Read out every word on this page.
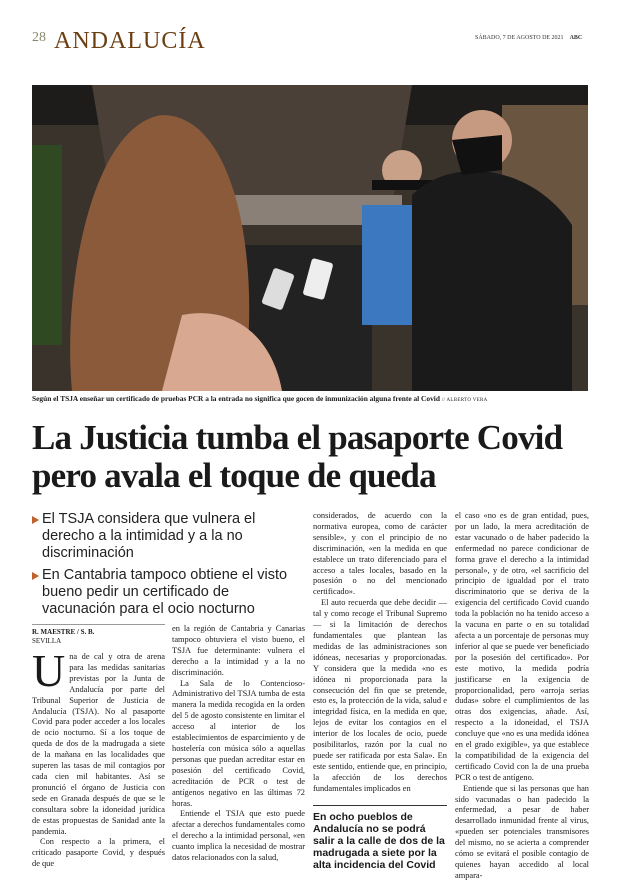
28 ANDALUCÍA	SÁBADO, 7 DE AGOSTO DE 2021 ABC
Según el TSJA enseñar un certificado de pruebas PCR a la entrada no significa que gocen de inmunización alguna frente al Covid // ALBERTO VERA
La Justicia tumba el pasaporte Covid pero avala el toque de queda
El TSJA considera que vulnera el derecho a la intimidad y a la no discriminación
En Cantabria tampoco obtiene el visto bueno pedir un certificado de vacunación para el ocio nocturno
R. MAESTRE / S. B.
SEVILLA

Una de cal y otra de arena para las medidas sanitarias previstas por la Junta de Andalucía por parte del Tribunal Superior de Justicia de Andalucía (TSJA). No al pasaporte Covid para poder acceder a los locales de ocio nocturno. Sí a los toque de queda de dos de la madrugada a siete de la mañana en las localidades que superen las tasas de mil contagios por cada cien mil habitantes. Así se pronunció el órgano de Justicia con sede en Granada después de que se le consultara sobre la idoneidad jurídica de estas propuestas de Sanidad ante la pandemia.

Con respecto a la primera, el criticado pasaporte Covid, y después de que

en la región de Cantabria y Canarias tampoco obtuviera el visto bueno, el TSJA fue determinante: vulnera el derecho a la intimidad y a la no discriminación.

La Sala de lo Contencioso-Administrativo del TSJA tumba de esta manera la medida recogida en la orden del 5 de agosto consistente en limitar el acceso al interior de los establecimientos de esparcimiento y de hostelería con música sólo a aquellas personas que puedan acreditar estar en posesión del certificado Covid, acreditación de PCR o test de antígenos negativo en las últimas 72 horas.

Entiende el TSJA que esto puede afectar a derechos fundamentales como el derecho a la intimidad personal, «en cuanto implica la necesidad de mostrar datos relacionados con la salud,

considerados, de acuerdo con la normativa europea, como de carácter sensible», y con el principio de no discriminación, «en la medida en que establece un trato diferenciado para el acceso a tales locales, basado en la posesión o no del mencionado certificado».

El auto recuerda que debe decidir —tal y como recoge el Tribunal Supremo— si la limitación de derechos fundamentales que plantean las medidas de las administraciones son idóneas, necesarias y proporcionadas. Y considera que la medida «no es idónea ni proporcionada para la consecución del fin que se pretende, esto es, la protección de la vida, salud e integridad física, en la medida en que, lejos de evitar los contagios en el interior de los locales de ocio, puede posibilitarlos, razón por la cual no puede ser ratificada por esta Sala». En este sentido, entiende que, en principio, la afección de los derechos fundamentales implicados en

En ocho pueblos de Andalucía no se podrá salir a la calle de dos de la madrugada a siete por la alta incidencia del Covid

el caso «no es de gran entidad, pues, por un lado, la mera acreditación de estar vacunado o de haber padecido la enfermedad no parece condicionar de forma grave el derecho a la intimidad personal», y de otro, «el sacrificio del principio de igualdad por el trato discriminatorio que se deriva de la exigencia del certificado Covid cuando toda la población no ha tenido acceso a la vacuna en parte o en su totalidad afecta a un porcentaje de personas muy inferior al que se puede ver beneficiado por la posesión del certificado». Por este motivo, la medida podría justificarse en la exigencia de proporcionalidad, pero «arroja serias dudas» sobre el cumplimientos de las otras dos exigencias, añade. Así, respecto a la idoneidad, el TSJA concluye que «no es una medida idónea en el grado exigible», ya que establece la compatibilidad de la exigencia del certificado Covid con la de una prueba PCR o test de antígeno.

Entiende que si las personas que han sido vacunadas o han padecido la enfermedad, a pesar de haber desarrollado inmunidad frente al virus, «pueden ser potenciales transmisores del mismo, no se acierta a comprender cómo se evitará el posible contagio de quienes hayan accedido al local ampara-
